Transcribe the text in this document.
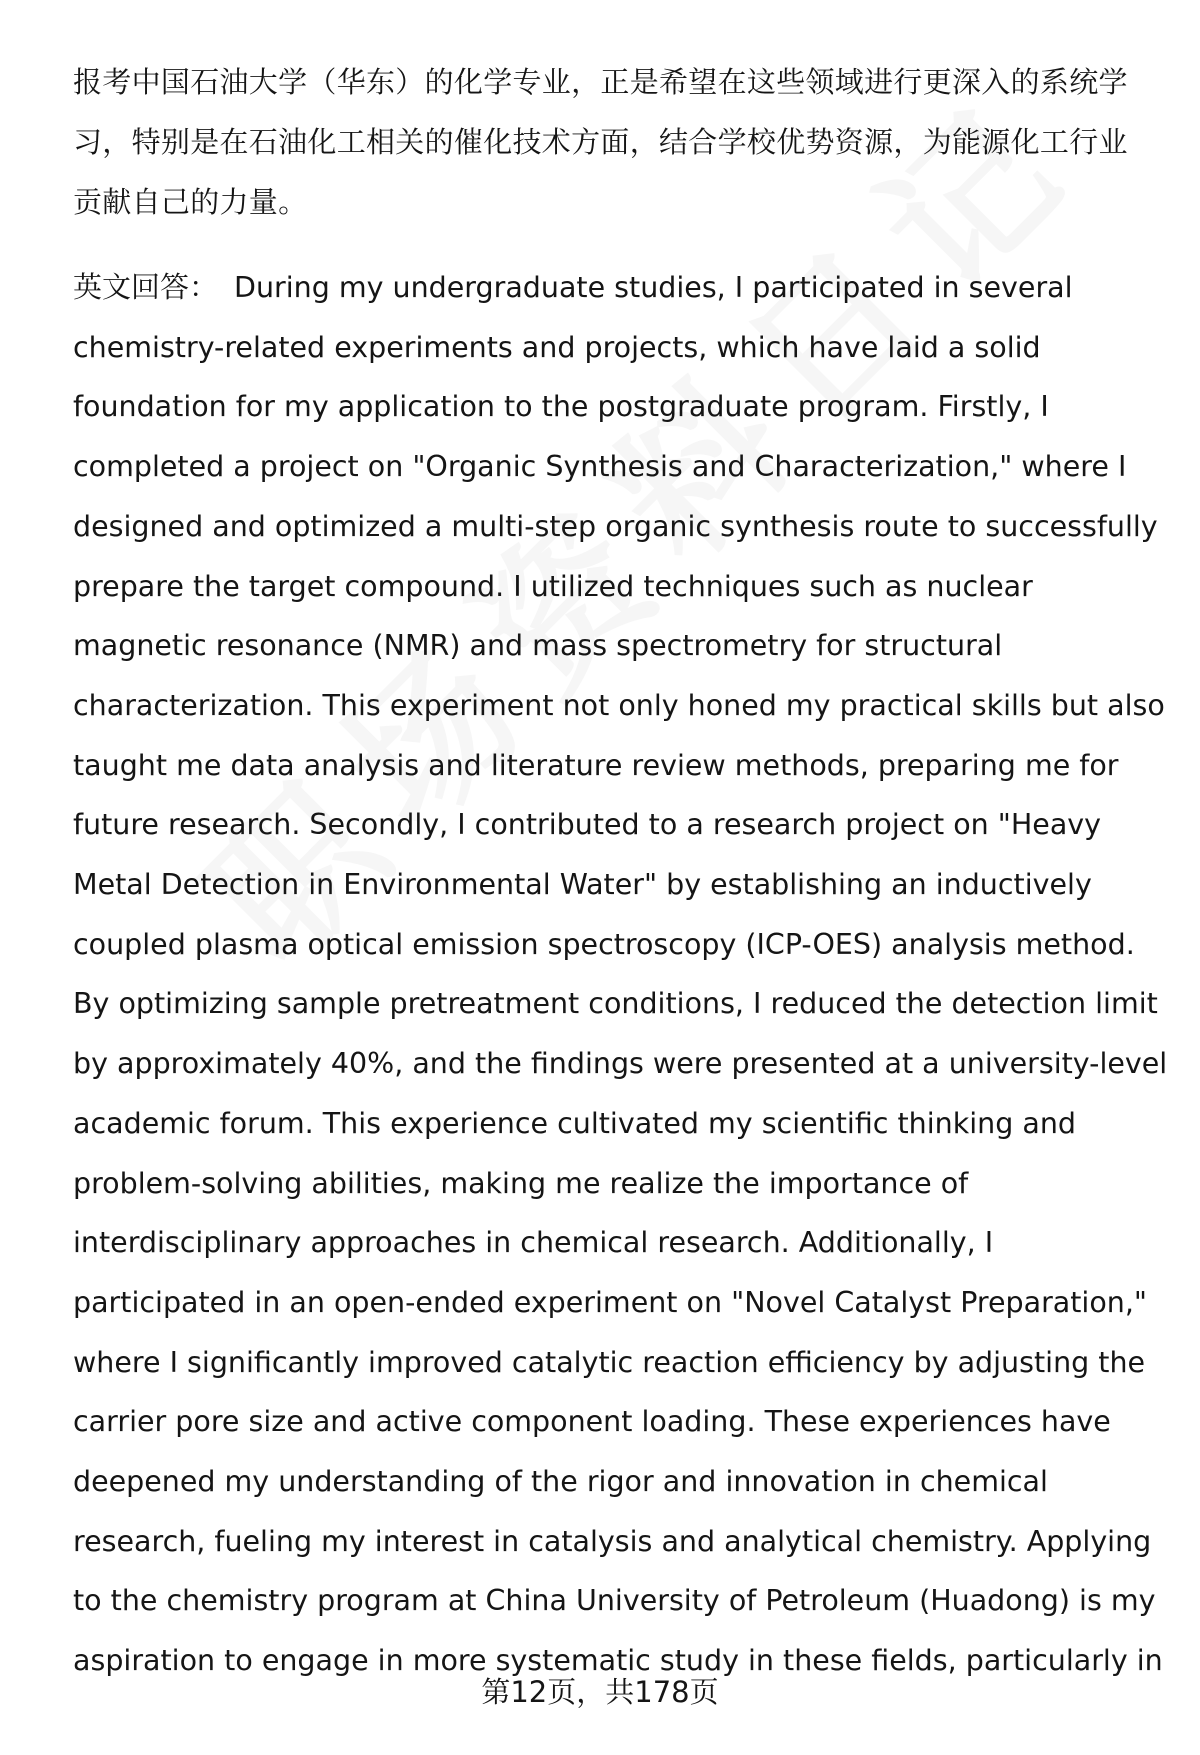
报考中国石油大学（华东）的化学专业，正是希望在这些领域进行更深入的系统学
习，特别是在石油化工相关的催化技术方面，结合学校优势资源，为能源化工行业
贡献自己的力量。
英文回答： During my undergraduate studies, I participated in several
chemistry-related experiments and projects, which have laid a solid
foundation for my application to the postgraduate program. Firstly, I
completed a project on "Organic Synthesis and Characterization," where I
designed and optimized a multi-step organic synthesis route to successfully
prepare the target compound. I utilized techniques such as nuclear
magnetic resonance (NMR) and mass spectrometry for structural
characterization. This experiment not only honed my practical skills but also
taught me data analysis and literature review methods, preparing me for
future research. Secondly, I contributed to a research project on "Heavy
Metal Detection in Environmental Water" by establishing an inductively
coupled plasma optical emission spectroscopy (ICP-OES) analysis method.
By optimizing sample pretreatment conditions, I reduced the detection limit
by approximately 40%, and the findings were presented at a university-level
academic forum. This experience cultivated my scientific thinking and
problem-solving abilities, making me realize the importance of
interdisciplinary approaches in chemical research. Additionally, I
participated in an open-ended experiment on "Novel Catalyst Preparation,"
where I significantly improved catalytic reaction efficiency by adjusting the
carrier pore size and active component loading. These experiences have
deepened my understanding of the rigor and innovation in chemical
research, fueling my interest in catalysis and analytical chemistry. Applying
to the chemistry program at China University of Petroleum (Huadong) is my
aspiration to engage in more systematic study in these fields, particularly in
第12页，共178页
